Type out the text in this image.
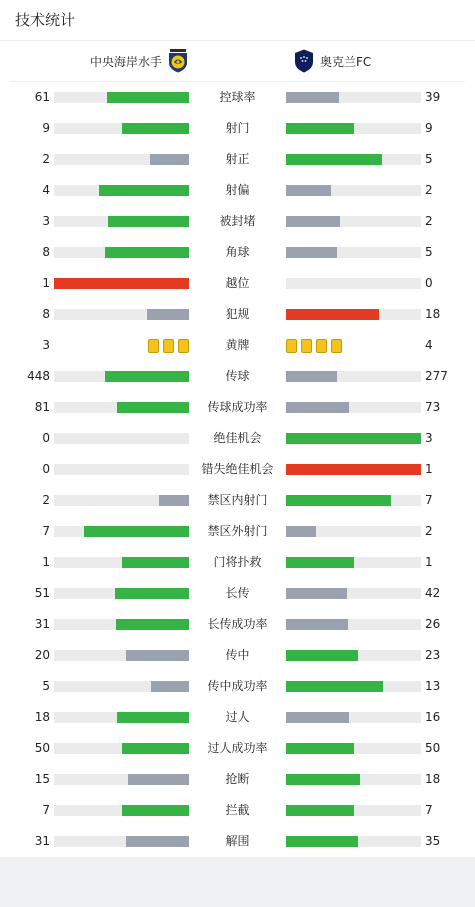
技术统计
中央海岸水手	奥克兰FC
61	控球率	39
9	射门	9
2	射正	5
4	射偏	2
3	被封堵	2
8	角球	5
1	越位	0
8	犯规	18
3	黄牌	4
448	传球	277
81	传球成功率	73
0	绝佳机会	3
0	错失绝佳机会	1
2	禁区内射门	7
7	禁区外射门	2
1	门将扑救	1
51	长传	42
31	长传成功率	26
20	传中	23
5	传中成功率	13
18	过人	16
50	过人成功率	50
15	抢断	18
7	拦截	7
31	解围	35
